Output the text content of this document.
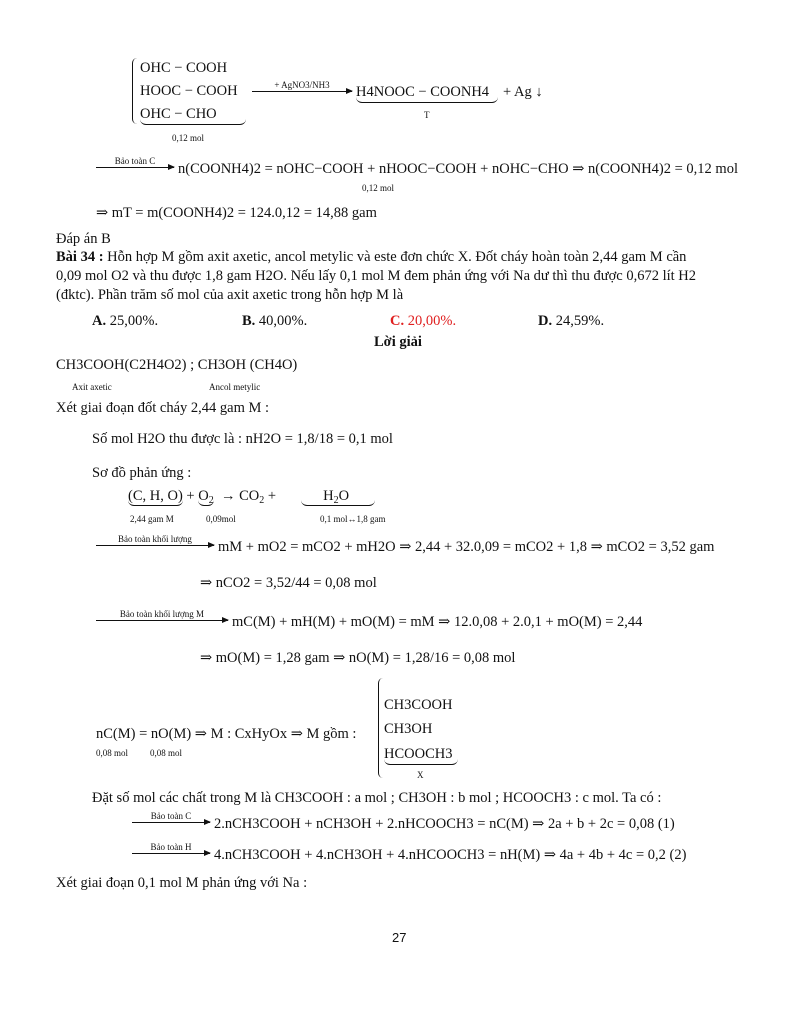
OHC − COOH
HOOC − COOH
OHC − CHO
0,12 mol
+ AgNO3/NH3	H4NOOC − COONH4
T
+ Ag ↓
Bảo toàn C	n(COONH4)2 = nOHC−COOH + nHOOC−COOH + nOHC−CHO ⇒ n(COONH4)2 = 0,12 mol
0,12 mol
⇒ mT = m(COONH4)2 = 124.0,12 = 14,88 gam
Đáp án B
Bài 34 : Hỗn hợp M gồm axit axetic, ancol metylic và este đơn chức X. Đốt cháy hoàn toàn 2,44 gam M cần
0,09 mol O2 và thu được 1,8 gam H2O. Nếu lấy 0,1 mol M đem phản ứng với Na dư thì thu được 0,672 lít H2
(đktc). Phần trăm số mol của axit axetic trong hỗn hợp M là
A. 25,00%.	B. 40,00%.	C. 20,00%.	D. 24,59%.
Lời giải
CH3COOH(C2H4O2) ; CH3OH (CH4O)
Axit axetic	Ancol metylic
Xét giai đoạn đốt cháy 2,44 gam M :
Số mol H2O thu được là : nH2O = 1,8/18 = 0,1 mol
Sơ đồ phản ứng :
(C, H, $O) + O_2 \to CO_2$ +             $H_2O$
2,44 gam M	0,09mol	0,1 mol↔1,8 gam
Bảo toàn khối lượng	mM + mO2 = mCO2 + mH2O ⇒ 2,44 + 32.0,09 = mCO2 + 1,8 ⇒ mCO2 = 3,52 gam
⇒ nCO2 = 3,52/44 = 0,08 mol
Bảo toàn khối lượng M	mC(M) + mH(M) + mO(M) = mM ⇒ 12.0,08 + 2.0,1 + mO(M) = 2,44
⇒ mO(M) = 1,28 gam ⇒ nO(M) = 1,28/16 = 0,08 mol
nC(M) = nO(M) ⇒ M : CxHyOx ⇒ M gồm :
0,08 mol 0,08 mol
CH3COOH
CH3OH
HCOOCH3
X
Đặt số mol các chất trong M là CH3COOH : a mol ; CH3OH : b mol ; HCOOCH3 : c mol. Ta có :
Bảo toàn C	2.nCH3COOH + nCH3OH + 2.nHCOOCH3 = nC(M) ⇒ 2a + b + 2c = 0,08 (1)
Bảo toàn H	4.nCH3COOH + 4.nCH3OH + 4.nHCOOCH3 = nH(M) ⇒ 4a + 4b + 4c = 0,2 (2)
Xét giai đoạn 0,1 mol M phản ứng với Na :
27
